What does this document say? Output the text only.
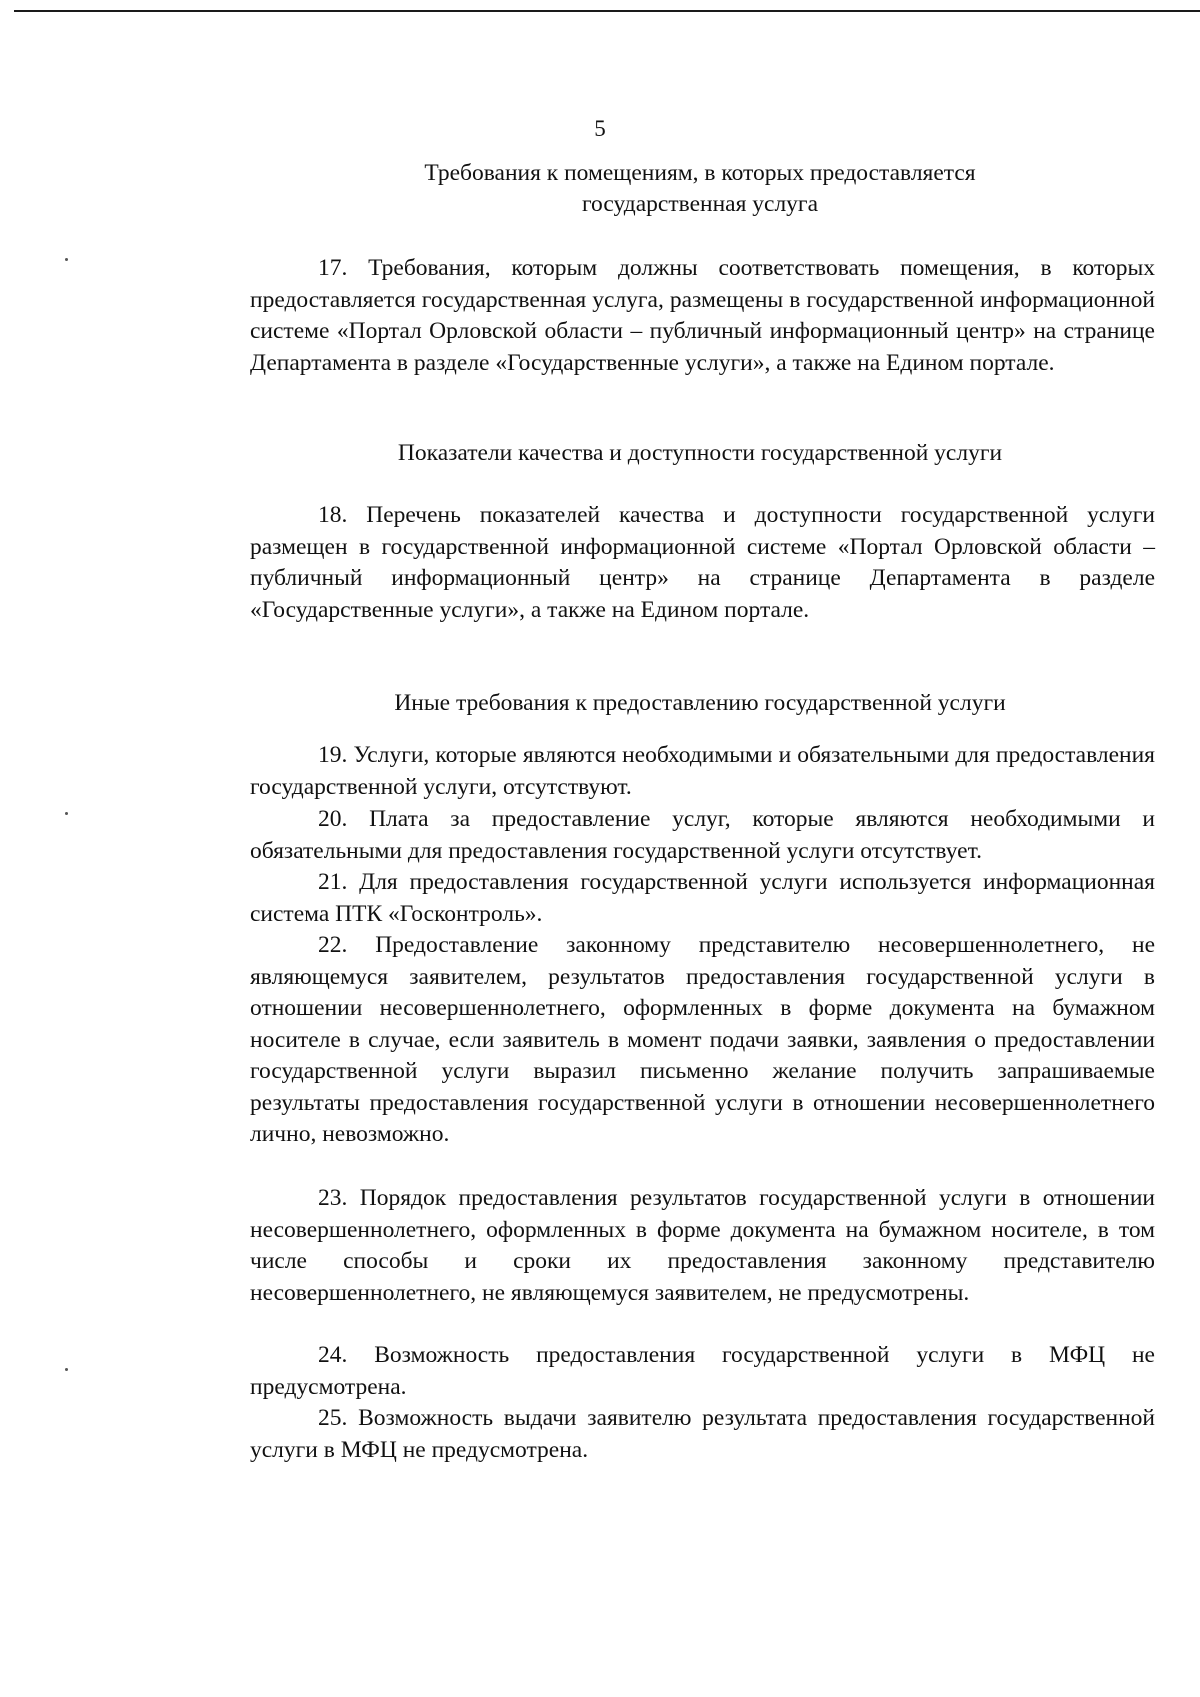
5
Требования к помещениям, в которых предоставляется государственная услуга

17. Требования, которым должны соответствовать помещения, в которых предоставляется государственная услуга, размещены в государственной информационной системе «Портал Орловской области – публичный информационный центр» на странице Департамента в разделе «Государственные услуги», а также на Едином портале.

Показатели качества и доступности государственной услуги

18. Перечень показателей качества и доступности государственной услуги размещен в государственной информационной системе «Портал Орловской области – публичный информационный центр» на странице Департамента в разделе «Государственные услуги», а также на Едином портале.

Иные требования к предоставлению государственной услуги

19. Услуги, которые являются необходимыми и обязательными для предоставления государственной услуги, отсутствуют.

20. Плата за предоставление услуг, которые являются необходимыми и обязательными для предоставления государственной услуги отсутствует.

21. Для предоставления государственной услуги используется информационная система ПТК «Госконтроль».

22. Предоставление законному представителю несовершеннолетнего, не являющемуся заявителем, результатов предоставления государственной услуги в отношении несовершеннолетнего, оформленных в форме документа на бумажном носителе в случае, если заявитель в момент подачи заявки, заявления о предоставлении государственной услуги выразил письменно желание получить запрашиваемые результаты предоставления государственной услуги в отношении несовершеннолетнего лично, невозможно.

23. Порядок предоставления результатов государственной услуги в отношении несовершеннолетнего, оформленных в форме документа на бумажном носителе, в том числе способы и сроки их предоставления законному представителю несовершеннолетнего, не являющемуся заявителем, не предусмотрены.

24. Возможность предоставления государственной услуги в МФЦ не предусмотрена.

25. Возможность выдачи заявителю результата предоставления государственной услуги в МФЦ не предусмотрена.
